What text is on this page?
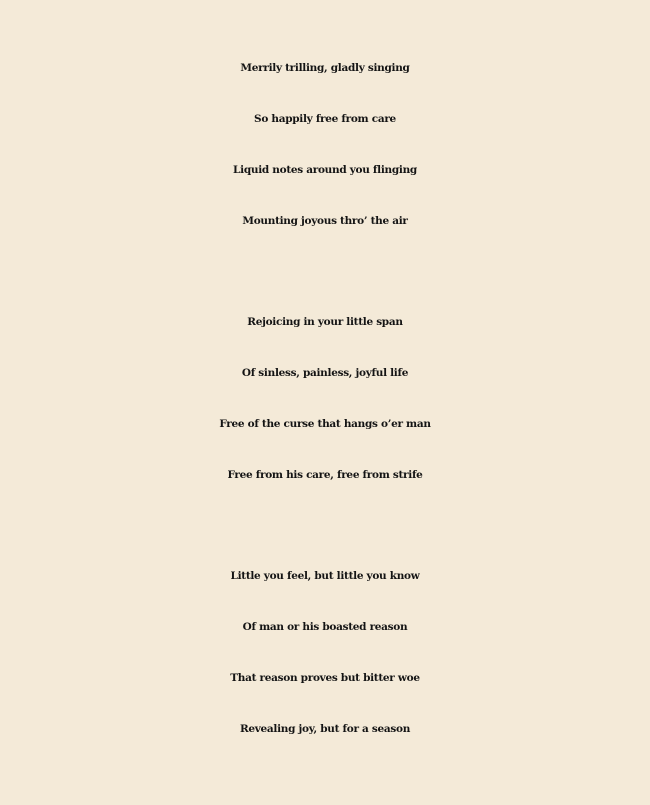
Merrily trilling, gladly singing
So happily free from care
Liquid notes around you flinging
Mounting joyous thro’ the air
Rejoicing in your little span
Of sinless, painless, joyful life
Free of the curse that hangs o’er man
Free from his care, free from strife
Little you feel, but little you know
Of man or his boasted reason
That reason proves but bitter woe
Revealing joy, but for a season
